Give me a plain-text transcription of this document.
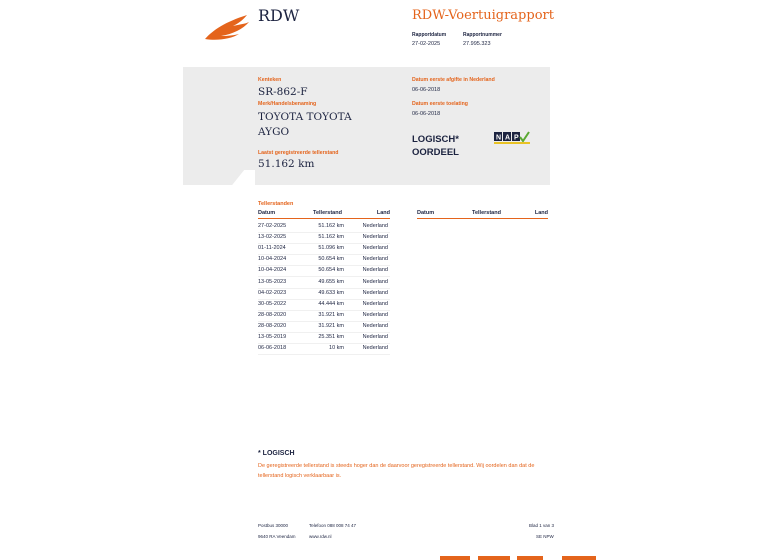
RDW	RDW-Voertuigrapport
Rapportdatum
27-02-2025
Rapportnummer
27.995.323
Kenteken
SR-862-F
Merk/Handelsbenaming
TOYOTA TOYOTA
AYGO
Laatst geregistreerde tellerstand
51.162 km
Datum eerste afgifte in Nederland
06-06-2018
Datum eerste toelating
06-06-2018
LOGISCH*
OORDEEL
N A P
Tellerstanden
Datum	Tellerstand	Land	Datum	Tellerstand	Land
27-02-2025	51.162 km	Nederland
13-02-2025	51.162 km	Nederland
01-11-2024	51.096 km	Nederland
10-04-2024	50.654 km	Nederland
10-04-2024	50.654 km	Nederland
13-05-2023	49.655 km	Nederland
04-02-2023	49.633 km	Nederland
30-05-2022	44.444 km	Nederland
28-08-2020	31.921 km	Nederland
28-08-2020	31.921 km	Nederland
13-05-2019	25.351 km	Nederland
06-06-2018	10 km	Nederland
* LOGISCH
De geregistreerde tellerstand is steeds hoger dan de daarvoor geregistreerde tellerstand. Wij oordelen dan dat de tellerstand logisch verklaarbaar is.
Postbus 30000
9640 RA Veendam
Telefoon 088 008 74 47
www.rdw.nl
Blad 1 van 3
SE NPW
